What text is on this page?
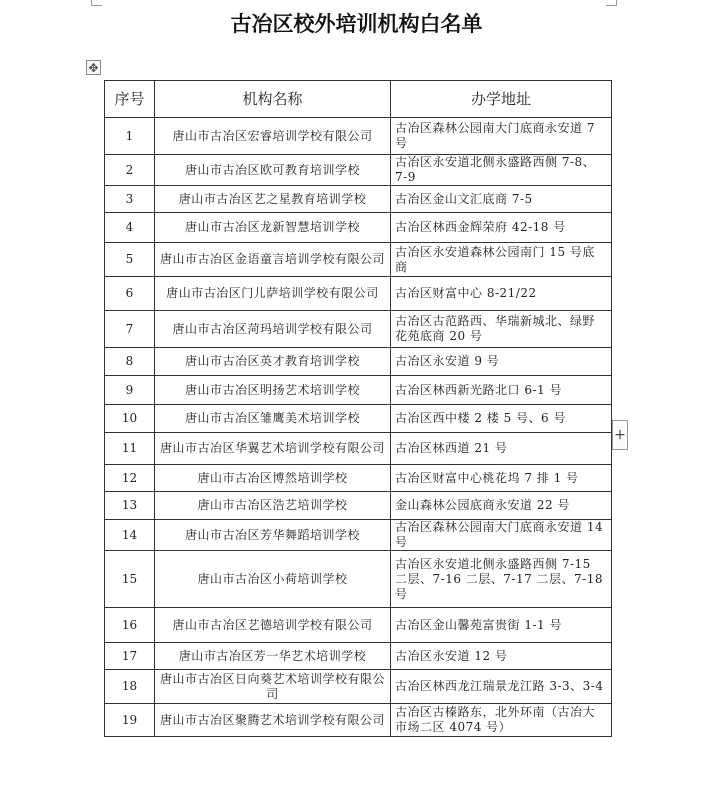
古冶区校外培训机构白名单
✥
序号	机构名称	办学地址
1	唐山市古冶区宏睿培训学校有限公司	古冶区森林公园南大门底商永安道 7 号
2	唐山市古冶区欧可教育培训学校	古冶区永安道北侧永盛路西侧 7-8、7-9
3	唐山市古冶区艺之星教育培训学校	古冶区金山文汇底商 7-5
4	唐山市古冶区龙新智慧培训学校	古冶区林西金辉荣府 42-18 号
5	唐山市古冶区金语童言培训学校有限公司	古冶区永安道森林公园南门 15 号底商
6	唐山市古冶区门儿萨培训学校有限公司	古冶区财富中心 8-21/22
7	唐山市古冶区菏玛培训学校有限公司	古冶区古范路西、华瑞新城北、绿野花苑底商 20 号
8	唐山市古冶区英才教育培训学校	古冶区永安道 9 号
9	唐山市古冶区明扬艺术培训学校	古冶区林西新光路北口 6-1 号
10	唐山市古冶区雏鹰美术培训学校	古冶区西中楼 2 楼 5 号、6 号
11	唐山市古冶区华翼艺术培训学校有限公司	古冶区林西道 21 号
12	唐山市古冶区博然培训学校	古冶区财富中心桃花坞 7 排 1 号
13	唐山市古冶区浩艺培训学校	金山森林公园底商永安道 22 号
14	唐山市古冶区芳华舞蹈培训学校	古冶区森林公园南大门底商永安道 14 号
15	唐山市古冶区小荷培训学校	古冶区永安道北侧永盛路西侧 7-15 二层、7-16 二层、7-17 二层、7-18 号
16	唐山市古冶区艺德培训学校有限公司	古冶区金山馨苑富贵街 1-1 号
17	唐山市古冶区芳一华艺术培训学校	古冶区永安道 12 号
18	唐山市古冶区日向葵艺术培训学校有限公司	古冶区林西龙江瑞景龙江路 3-3、3-4
19	唐山市古冶区聚腾艺术培训学校有限公司	古冶区古榛路东，北外环南（古冶大市场二区 4074 号）
+
